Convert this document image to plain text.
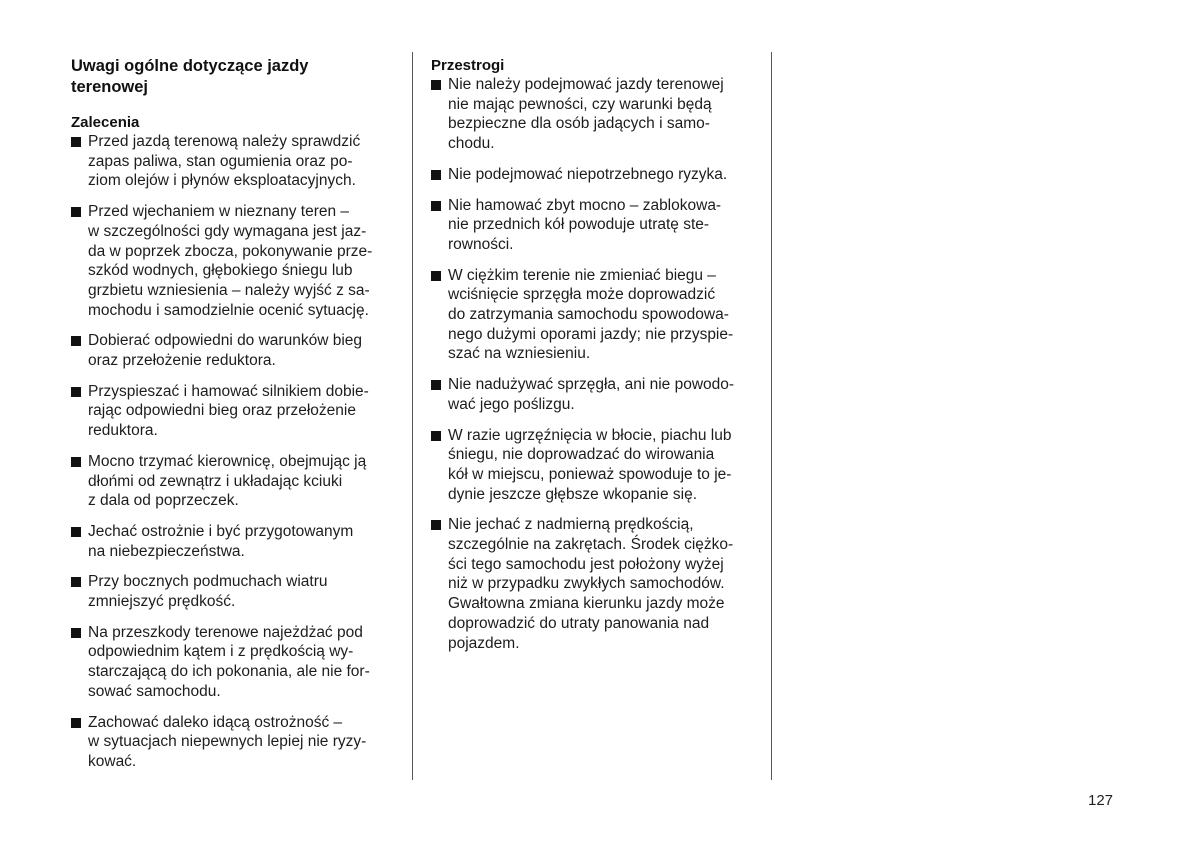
Uwagi ogólne dotyczące jazdy
terenowej
Zalecenia
Przed jazdą terenową należy sprawdzić
zapas paliwa, stan ogumienia oraz po-
ziom olejów i płynów eksploatacyjnych.
Przed wjechaniem w nieznany teren –
w szczególności gdy wymagana jest jaz-
da w poprzek zbocza, pokonywanie prze-
szkód wodnych, głębokiego śniegu lub
grzbietu wzniesienia – należy wyjść z sa-
mochodu i samodzielnie ocenić sytuację.
Dobierać odpowiedni do warunków bieg
oraz przełożenie reduktora.
Przyspieszać i hamować silnikiem dobie-
rając odpowiedni bieg oraz przełożenie
reduktora.
Mocno trzymać kierownicę, obejmując ją
dłońmi od zewnątrz i układając kciuki
z dala od poprzeczek.
Jechać ostrożnie i być przygotowanym
na niebezpieczeństwa.
Przy bocznych podmuchach wiatru
zmniejszyć prędkość.
Na przeszkody terenowe najeżdżać pod
odpowiednim kątem i z prędkością wy-
starczającą do ich pokonania, ale nie for-
sować samochodu.
Zachować daleko idącą ostrożność –
w sytuacjach niepewnych lepiej nie ryzy-
kować.
Przestrogi
Nie należy podejmować jazdy terenowej
nie mając pewności, czy warunki będą
bezpieczne dla osób jadących i samo-
chodu.
Nie podejmować niepotrzebnego ryzyka.
Nie hamować zbyt mocno – zablokowa-
nie przednich kół powoduje utratę ste-
rowności.
W ciężkim terenie nie zmieniać biegu –
wciśnięcie sprzęgła może doprowadzić
do zatrzymania samochodu spowodowa-
nego dużymi oporami jazdy; nie przyspie-
szać na wzniesieniu.
Nie nadużywać sprzęgła, ani nie powodo-
wać jego poślizgu.
W razie ugrzęźnięcia w błocie, piachu lub
śniegu, nie doprowadzać do wirowania
kół w miejscu, ponieważ spowoduje to je-
dynie jeszcze głębsze wkopanie się.
Nie jechać z nadmierną prędkością,
szczególnie na zakrętach. Środek ciężko-
ści tego samochodu jest położony wyżej
niż w przypadku zwykłych samochodów.
Gwałtowna zmiana kierunku jazdy może
doprowadzić do utraty panowania nad
pojazdem.
127
